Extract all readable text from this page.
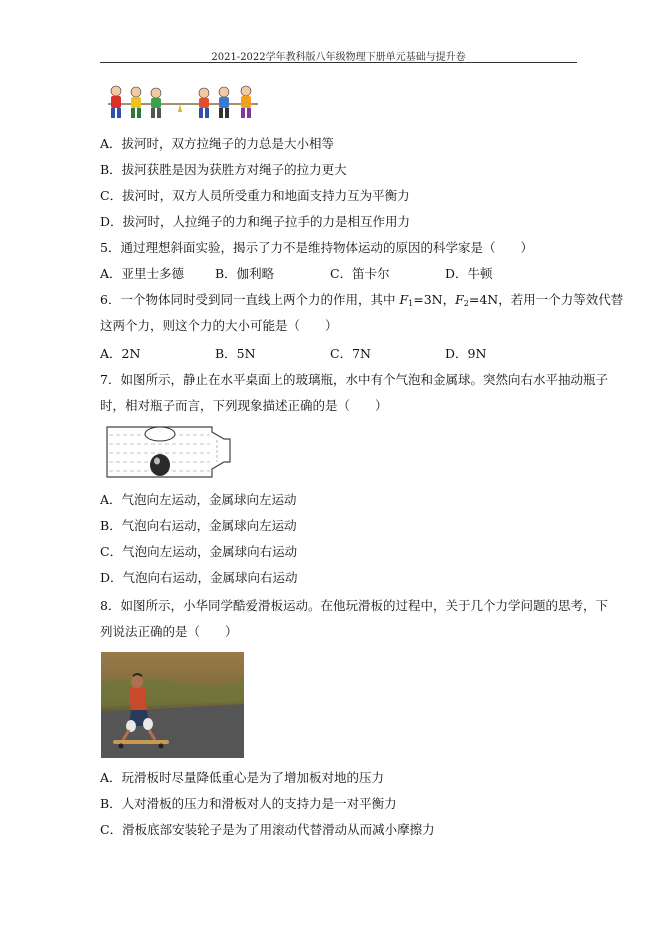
2021-2022学年教科版八年级物理下册单元基础与提升卷
A．拔河时，双方拉绳子的力总是大小相等
B．拔河获胜是因为获胜方对绳子的拉力更大
C．拔河时，双方人员所受重力和地面支持力互为平衡力
D．拔河时，人拉绳子的力和绳子拉手的力是相互作用力
5．通过理想斜面实验，揭示了力不是维持物体运动的原因的科学家是（　　）
A．亚里士多德 B．伽利略	C．笛卡尔	D．牛顿
6．一个物体同时受到同一直线上两个力的作用，其中 $F_1=3N$，$F_2=4N$，若用一个力等效代替
这两个力，则这个力的大小可能是（　　）
A．2N	B．5N	C．7N	D．9N
7．如图所示，静止在水平桌面上的玻璃瓶，水中有个气泡和金属球。突然向右水平抽动瓶子
时，相对瓶子而言，下列现象描述正确的是（　　）
A．气泡向左运动，金属球向左运动
B．气泡向右运动，金属球向左运动
C．气泡向左运动，金属球向右运动
D．气泡向右运动，金属球向右运动
8．如图所示，小华同学酷爱滑板运动。在他玩滑板的过程中，关于几个力学问题的思考，下
列说法正确的是（　　）
A．玩滑板时尽量降低重心是为了增加板对地的压力
B．人对滑板的压力和滑板对人的支持力是一对平衡力
C．滑板底部安装轮子是为了用滚动代替滑动从而减小摩擦力
